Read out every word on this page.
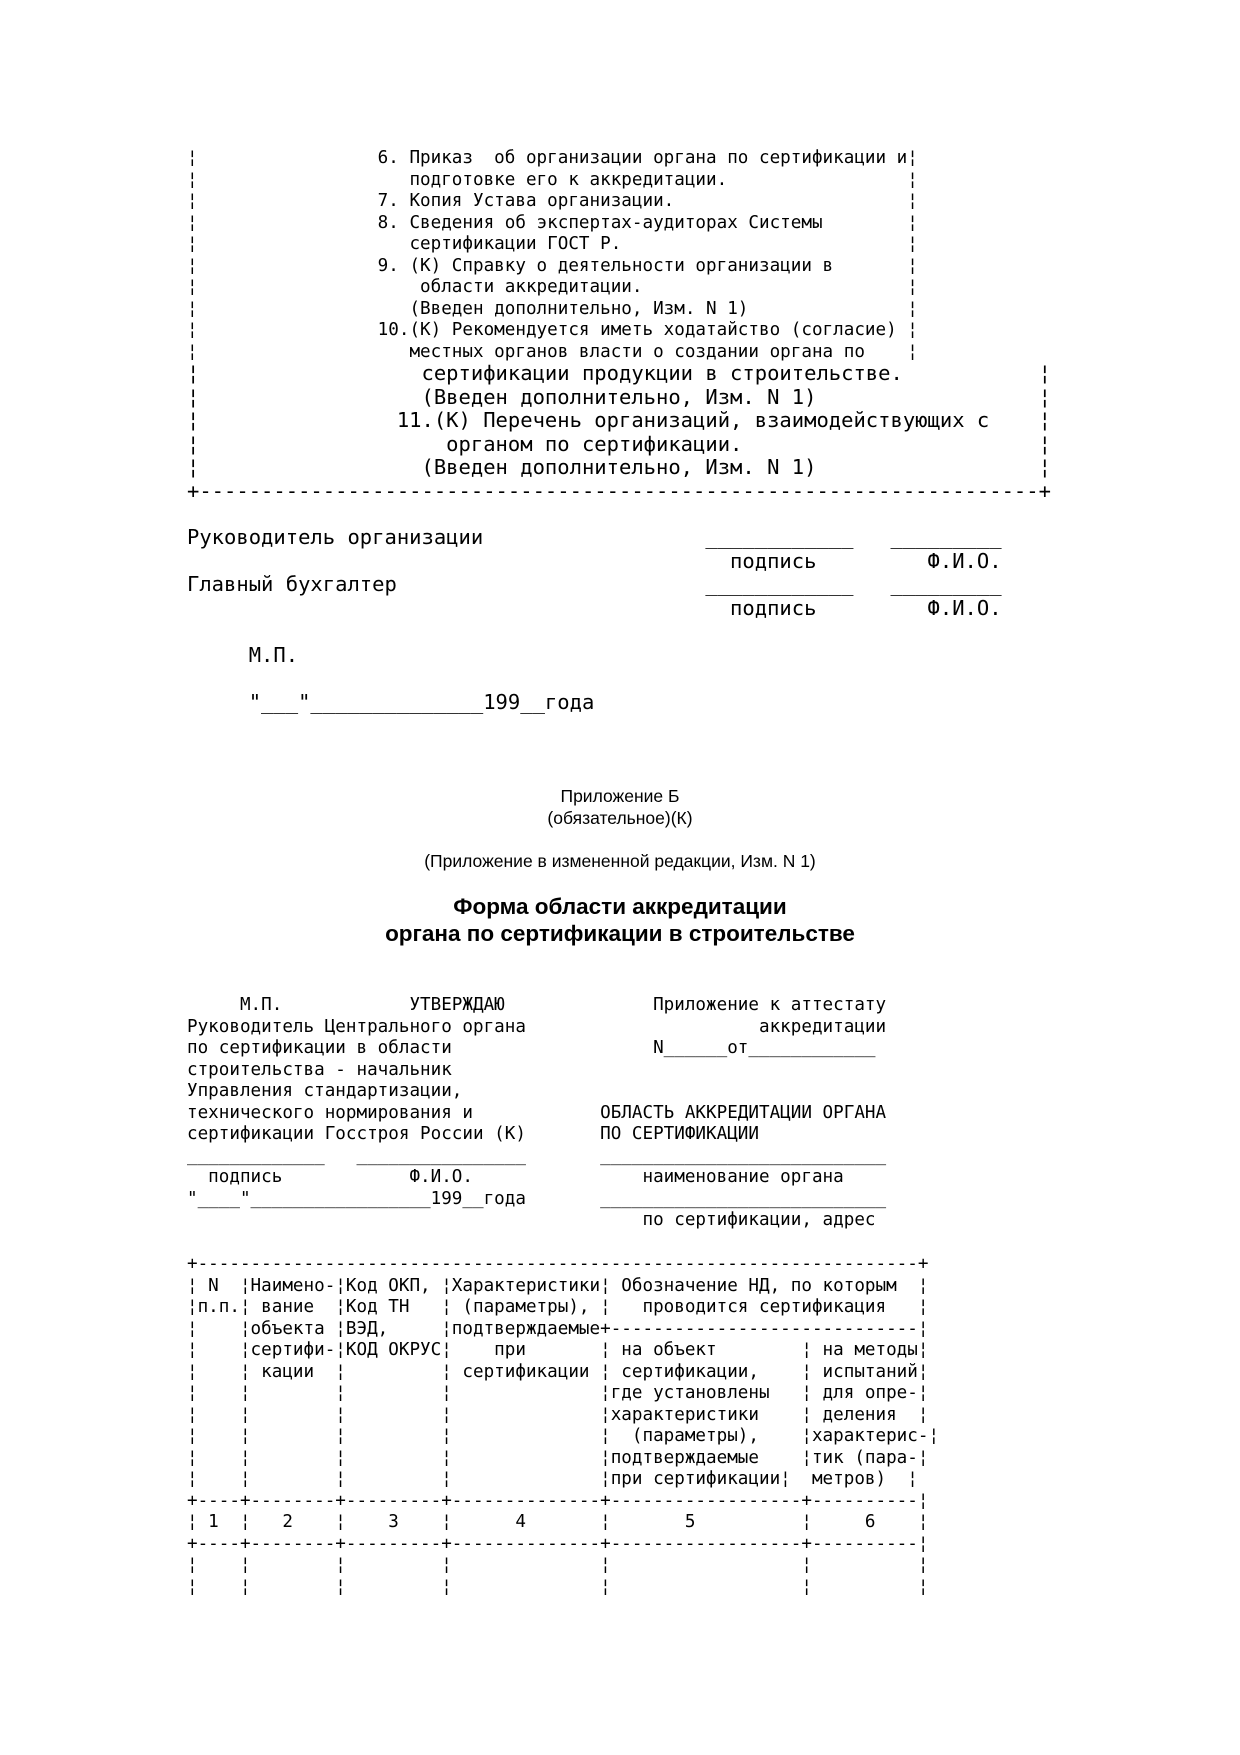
¦                 6. Приказ  об организации органа по сертификации и¦
¦                    подготовке его к аккредитации.                 ¦
¦                 7. Копия Устава организации.                      ¦
¦                 8. Сведения об экспертах-аудиторах Системы        ¦
¦                    сертификации ГОСТ Р.                           ¦
¦                 9. (К) Справку о деятельности организации в       ¦
¦                     области аккредитации.                         ¦
¦                    (Введен дополнительно, Изм. N 1)               ¦
¦                 10.(К) Рекомендуется иметь ходатайство (согласие) ¦
¦                    местных органов власти о создании органа по    ¦
¦                  сертификации продукции в строительстве.           ¦
¦                  (Введен дополнительно, Изм. N 1)                  ¦
¦                11.(К) Перечень организаций, взаимодействующих с    ¦
¦                    органом по сертификации.                        ¦
¦                  (Введен дополнительно, Изм. N 1)                  ¦
+--------------------------------------------------------------------+
Руководитель организации                  ____________   _________
подпись         Ф.И.О.
Главный бухгалтер                         ____________   _________
подпись         Ф.И.О.

М.П.

"___"______________199__года
Приложение Б
(обязательное)(К)
(Приложение в измененной редакции, Изм. N 1)
Форма области аккредитации
органа по сертификации в строительстве
М.П.            УТВЕРЖДАЮ              Приложение к аттестату
Руководитель Центрального органа                      аккредитации
по сертификации в области                   N______от____________
строительства - начальник
Управления стандартизации,
технического нормирования и            ОБЛАСТЬ АККРЕДИТАЦИИ ОРГАНА
сертификации Госстроя России (К)       ПО СЕРТИФИКАЦИИ
_____________   ________________       ___________________________
подпись            Ф.И.О.                наименование органа
"____"_________________199__года       ___________________________
по сертификации, адрес
+--------------------------------------------------------------------+
¦ N  ¦Наимено-¦Код ОКП, ¦Характеристики¦ Обозначение НД, по которым  ¦
¦п.п.¦ вание  ¦Код ТН   ¦ (параметры), ¦   проводится сертификация   ¦
¦    ¦объекта ¦ВЭД,     ¦подтверждаемые+-----------------------------¦
¦    ¦сертифи-¦КОД ОКРУС¦    при       ¦ на объект        ¦ на методы¦
¦    ¦ кации  ¦         ¦ сертификации ¦ сертификации,    ¦ испытаний¦
¦    ¦        ¦         ¦              ¦где установлены   ¦ для опре-¦
¦    ¦        ¦         ¦              ¦характеристики    ¦ деления  ¦
¦    ¦        ¦         ¦              ¦  (параметры),    ¦характерис-¦
¦    ¦        ¦         ¦              ¦подтверждаемые    ¦тик (пара-¦
¦    ¦        ¦         ¦              ¦при сертификации¦  метров)  ¦
+----+--------+---------+--------------+------------------+----------¦
¦ 1  ¦   2    ¦    3    ¦      4       ¦       5          ¦     6    ¦
+----+--------+---------+--------------+------------------+----------¦
¦    ¦        ¦         ¦              ¦                  ¦          ¦
¦    ¦        ¦         ¦              ¦                  ¦          ¦
